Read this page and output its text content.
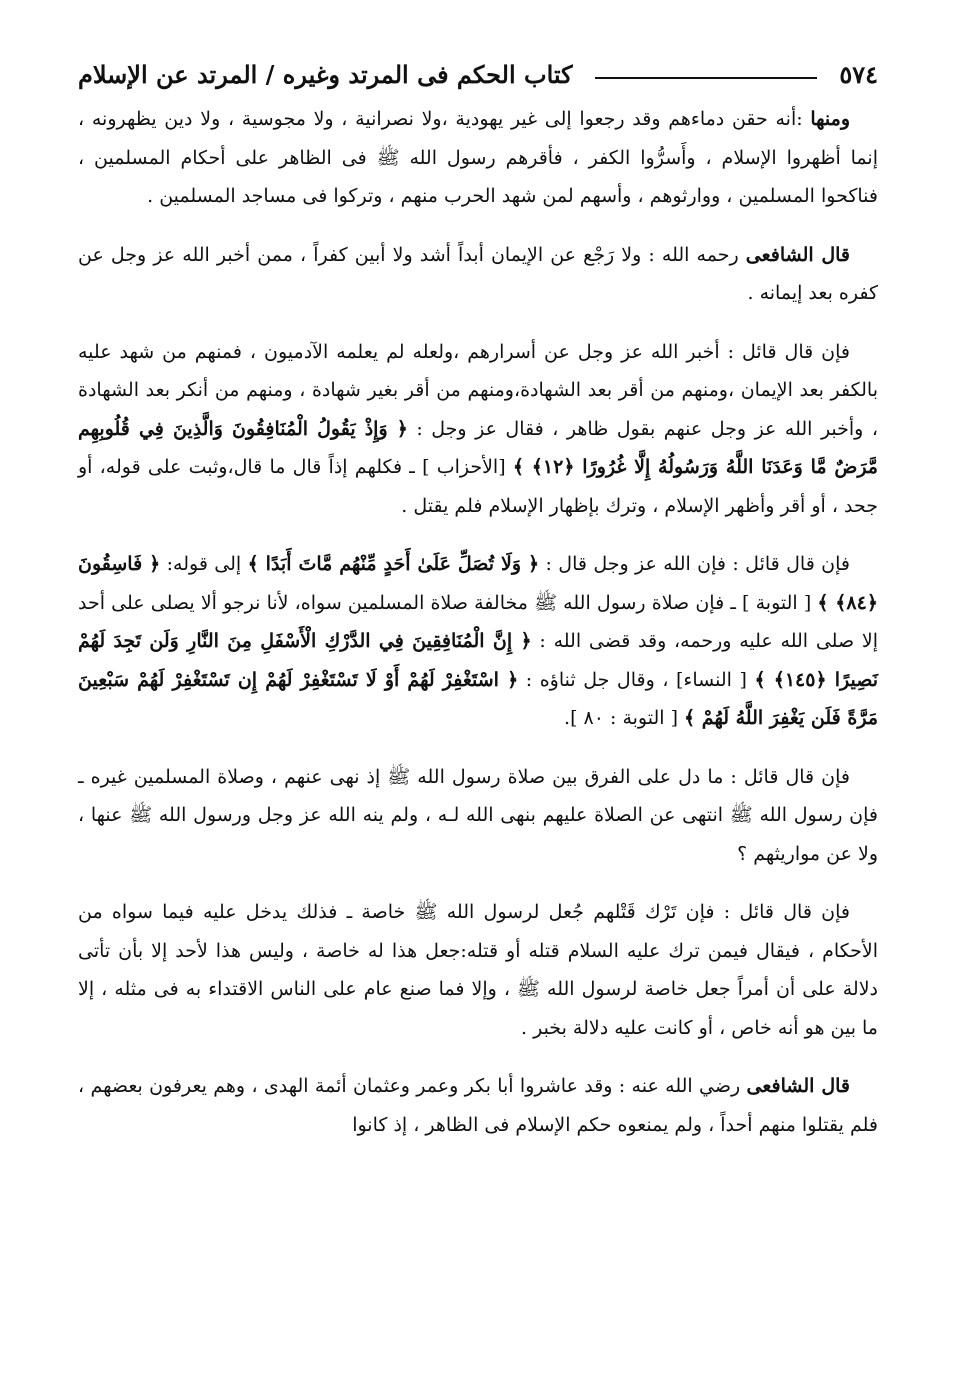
٥٧٤
كتاب الحكم فى المرتد وغيره / المرتد عن الإسلام

ومنها :أنه حقن دماءهم وقد رجعوا إلى غير يهودية ،ولا نصرانية ، ولا مجوسية ، ولا دين يظهرونه ، إنما أظهروا الإسلام ، وأَسرُّوا الكفر ، فأقرهم رسول الله ﷺ فى الظاهر على أحكام المسلمين ، فناكحوا المسلمين ، ووارثوهم ، وأسهم لمن شهد الحرب منهم ، وتركوا فى مساجد المسلمين .

قال الشافعى رحمه الله : ولا رَجْع عن الإيمان أبداً أشد ولا أبين كفراً ، ممن أخبر الله عز وجل عن كفره بعد إيمانه .

فإن قال قائل : أخبر الله عز وجل عن أسرارهم ،ولعله لم يعلمه الآدميون ، فمنهم من شهد عليه بالكفر بعد الإيمان ،ومنهم من أقر بعد الشهادة،ومنهم من أقر بغير شهادة ، ومنهم من أنكر بعد الشهادة ، وأخبر الله عز وجل عنهم بقول ظاهر ، فقال عز وجل : ﴿ وَإِذْ يَقُولُ الْمُنَافِقُونَ وَالَّذِينَ فِي قُلُوبِهِم مَّرَضٌ مَّا وَعَدَنَا اللَّهُ وَرَسُولُهُ إِلَّا غُرُورًا ﴿١٢﴾ ﴾ [الأحزاب ] ـ فكلهم إذاً قال ما قال،وثبت على قوله، أو جحد ، أو أقر وأظهر الإسلام ، وترك بإظهار الإسلام فلم يقتل .

فإن قال قائل : فإن الله عز وجل قال : ﴿ وَلَا تُصَلِّ عَلَىٰ أَحَدٍ مِّنْهُم مَّاتَ أَبَدًا ﴾ إلى قوله: ﴿ فَاسِقُونَ ﴿٨٤﴾ ﴾ [ التوبة ] ـ فإن صلاة رسول الله ﷺ مخالفة صلاة المسلمين سواه، لأنا نرجو ألا يصلى على أحد إلا صلى الله عليه ورحمه، وقد قضى الله : ﴿ إِنَّ الْمُنَافِقِينَ فِي الدَّرْكِ الْأَسْفَلِ مِنَ النَّارِ وَلَن تَجِدَ لَهُمْ نَصِيرًا ﴿١٤٥﴾ ﴾ [ النساء] ، وقال جل ثناؤه : ﴿ اسْتَغْفِرْ لَهُمْ أَوْ لَا تَسْتَغْفِرْ لَهُمْ إِن تَسْتَغْفِرْ لَهُمْ سَبْعِينَ مَرَّةً فَلَن يَغْفِرَ اللَّهُ لَهُمْ ﴾ [ التوبة : ٨٠ ].

فإن قال قائل : ما دل على الفرق بين صلاة رسول الله ﷺ إذ نهى عنهم ، وصلاة المسلمين غيره ـ فإن رسول الله ﷺ انتهى عن الصلاة عليهم بنهى الله لـه ، ولم ينه الله عز وجل ورسول الله ﷺ عنها ، ولا عن مواريثهم ؟

فإن قال قائل : فإن تَرْك قَتْلهم جُعل لرسول الله ﷺ خاصة ـ فذلك يدخل عليه فيما سواه من الأحكام ، فيقال فيمن ترك عليه السلام قتله أو قتله:جعل هذا له خاصة ، وليس هذا لأحد إلا بأن تأتى دلالة على أن أمراً جعل خاصة لرسول الله ﷺ ، وإلا فما صنع عام على الناس الاقتداء به فى مثله ، إلا ما بين هو أنه خاص ، أو كانت عليه دلالة بخبر .

قال الشافعى رضي الله عنه : وقد عاشروا أبا بكر وعمر وعثمان أئمة الهدى ، وهم يعرفون بعضهم ، فلم يقتلوا منهم أحداً ، ولم يمنعوه حكم الإسلام فى الظاهر ، إذ كانوا
